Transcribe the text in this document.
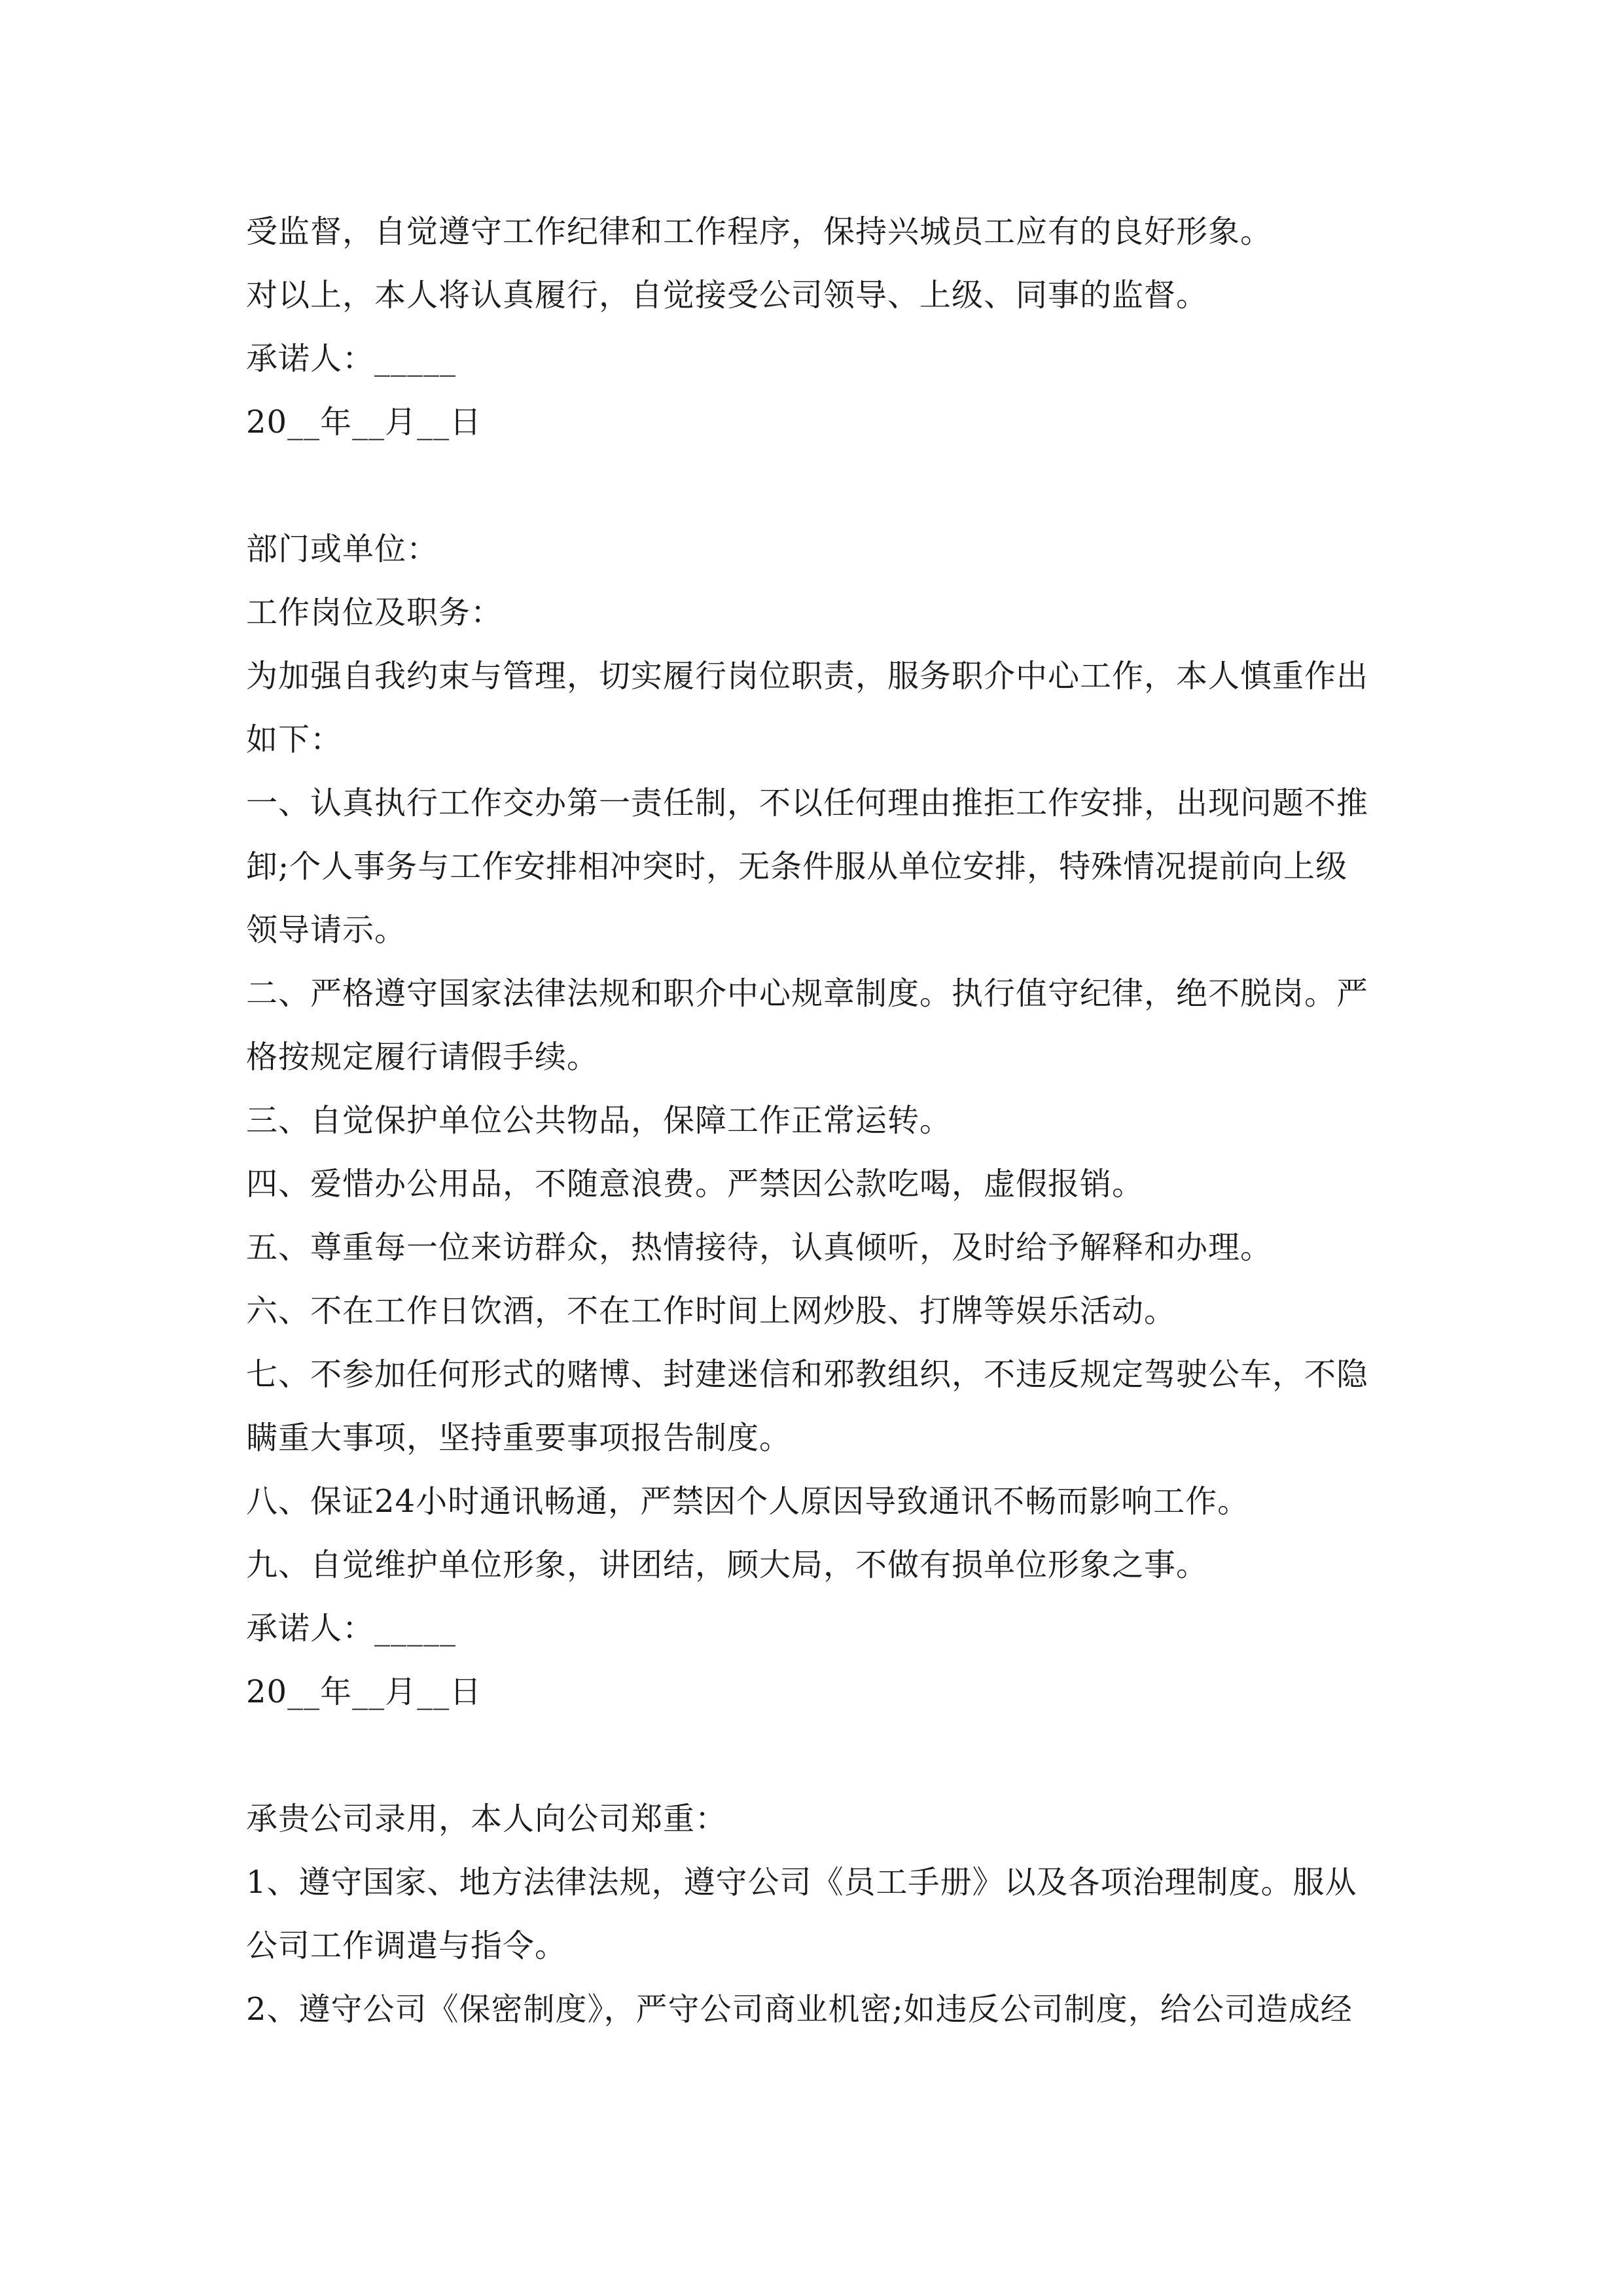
受监督，自觉遵守工作纪律和工作程序，保持兴城员工应有的良好形象。
对以上，本人将认真履行，自觉接受公司领导、上级、同事的监督。
承诺人：_____
20__年__月__日
部门或单位：
工作岗位及职务：
为加强自我约束与管理，切实履行岗位职责，服务职介中心工作，本人慎重作出
如下：
一、认真执行工作交办第一责任制，不以任何理由推拒工作安排，出现问题不推
卸;个人事务与工作安排相冲突时，无条件服从单位安排，特殊情况提前向上级
领导请示。
二、严格遵守国家法律法规和职介中心规章制度。执行值守纪律，绝不脱岗。严
格按规定履行请假手续。
三、自觉保护单位公共物品，保障工作正常运转。
四、爱惜办公用品，不随意浪费。严禁因公款吃喝，虚假报销。
五、尊重每一位来访群众，热情接待，认真倾听，及时给予解释和办理。
六、不在工作日饮酒，不在工作时间上网炒股、打牌等娱乐活动。
七、不参加任何形式的赌博、封建迷信和邪教组织，不违反规定驾驶公车，不隐
瞒重大事项，坚持重要事项报告制度。
八、保证24小时通讯畅通，严禁因个人原因导致通讯不畅而影响工作。
九、自觉维护单位形象，讲团结，顾大局，不做有损单位形象之事。
承诺人：_____
20__年__月__日
承贵公司录用，本人向公司郑重：
1、遵守国家、地方法律法规，遵守公司《员工手册》以及各项治理制度。服从
公司工作调遣与指令。
2、遵守公司《保密制度》，严守公司商业机密;如违反公司制度，给公司造成经
